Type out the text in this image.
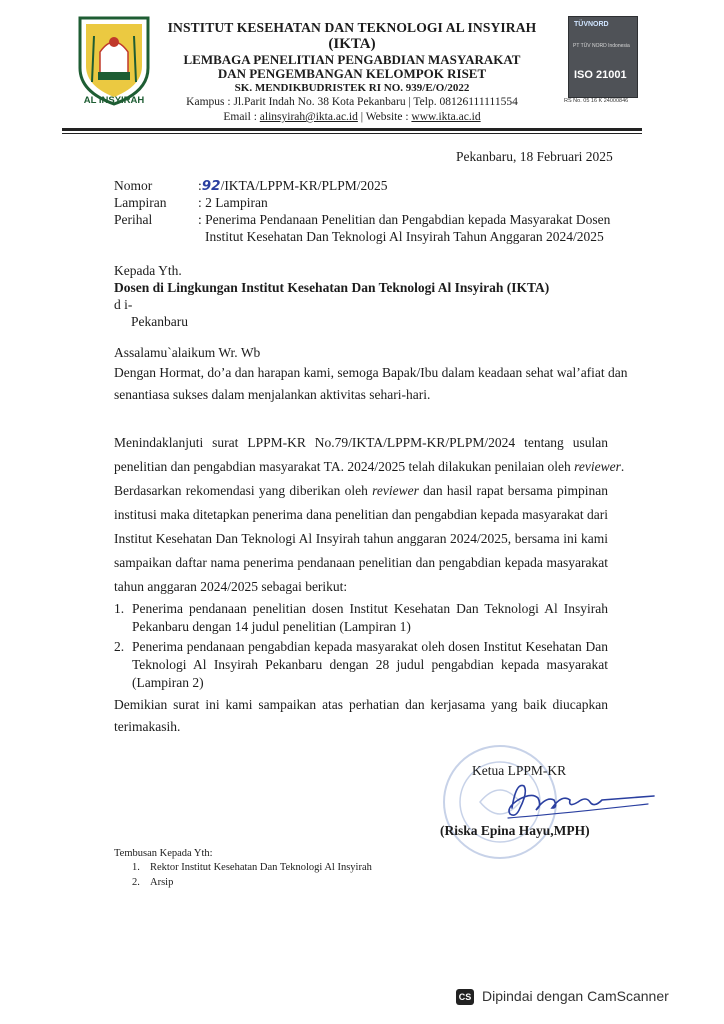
AL INSYIRAH
INSTITUT KESEHATAN DAN TEKNOLOGI AL INSYIRAH
(IKTA)
LEMBAGA PENELITIAN PENGABDIAN MASYARAKAT
DAN PENGEMBANGAN KELOMPOK RISET
SK. MENDIKBUDRISTEK RI NO. 939/E/O/2022
Kampus : Jl.Parit Indah No. 38 Kota Pekanbaru | Telp. 08126111111554
Email : alinsyirah@ikta.ac.id | Website : www.ikta.ac.id
TÜVNORD
PT TÜV NORD Indonesia
ISO 21001
RS No. 05 16 K 24000846
Pekanbaru, 18 Februari 2025
Nomor	:92/IKTA/LPPM-KR/PLPM/2025
Lampiran : 2 Lampiran
Perihal	: Penerima Pendanaan Penelitian dan Pengabdian kepada Masyarakat Dosen
Institut Kesehatan Dan Teknologi Al Insyirah Tahun Anggaran 2024/2025
Kepada Yth.
Dosen di Lingkungan Institut Kesehatan Dan Teknologi Al Insyirah (IKTA)
d i-
Pekanbaru
Assalamu`alaikum Wr. Wb
Dengan Hormat, do’a dan harapan kami, semoga Bapak/Ibu dalam keadaan sehat wal’afiat dan
senantiasa sukses dalam menjalankan aktivitas sehari-hari.
Menindaklanjuti surat LPPM-KR No.79/IKTA/LPPM-KR/PLPM/2024 tentang usulan
penelitian dan pengabdian masyarakat TA. 2024/2025 telah dilakukan penilaian oleh reviewer.
Berdasarkan rekomendasi yang diberikan oleh reviewer dan hasil rapat bersama pimpinan
institusi maka ditetapkan penerima dana penelitian dan pengabdian kepada masyarakat dari
Institut Kesehatan Dan Teknologi Al Insyirah tahun anggaran 2024/2025, bersama ini kami
sampaikan daftar nama penerima pendanaan penelitian dan pengabdian kepada masyarakat
tahun anggaran 2024/2025 sebagai berikut:
1. Penerima pendanaan penelitian dosen Institut Kesehatan Dan Teknologi Al Insyirah
Pekanbaru dengan 14 judul penelitian (Lampiran 1)
2. Penerima pendanaan pengabdian kepada masyarakat oleh dosen Institut Kesehatan Dan
Teknologi Al Insyirah Pekanbaru dengan 28 judul pengabdian kepada masyarakat
(Lampiran 2)
Demikian surat ini kami sampaikan atas perhatian dan kerjasama yang baik diucapkan
terimakasih.
Ketua LPPM-KR
(Riska Epina Hayu,MPH)
Tembusan Kepada Yth:
1. Rektor Institut Kesehatan Dan Teknologi Al Insyirah
2. Arsip
CS Dipindai dengan CamScanner
